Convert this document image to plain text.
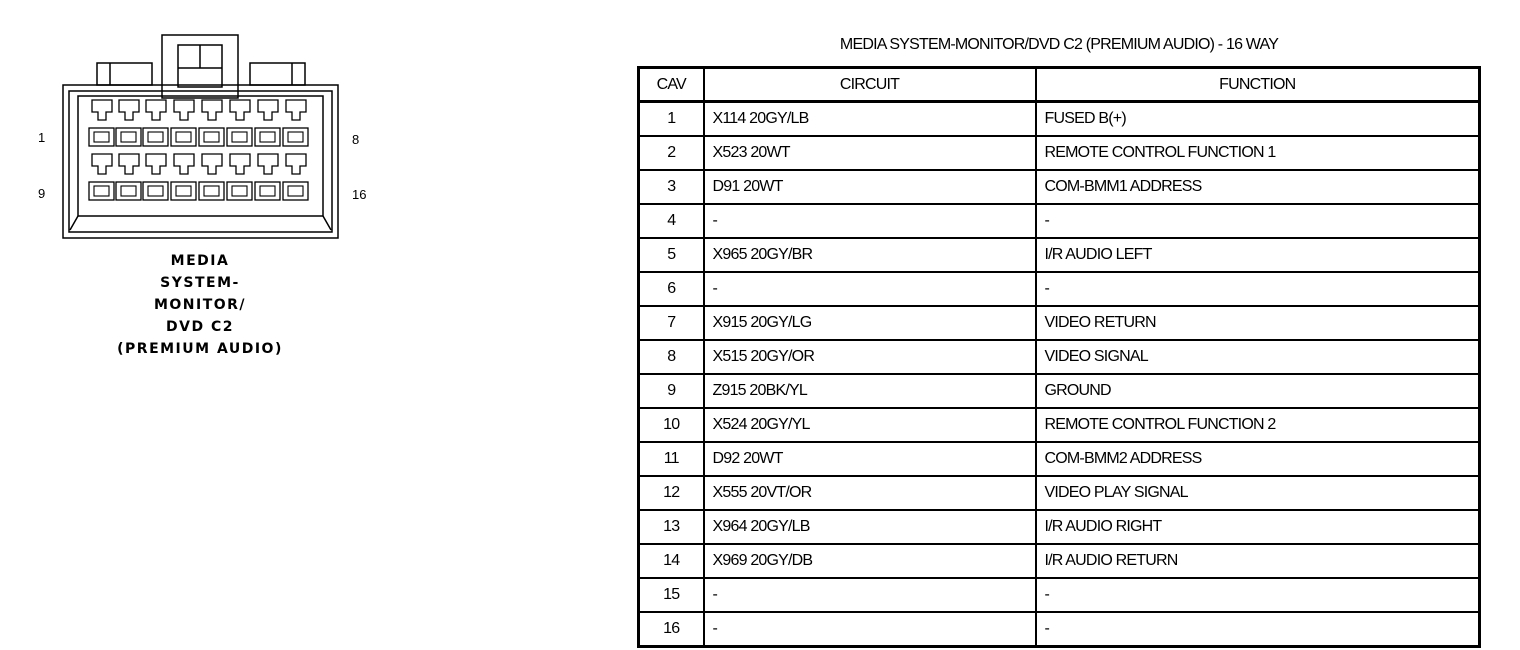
1	8
9	16
MEDIA
SYSTEM-
MONITOR/
DVD C2
(PREMIUM AUDIO)
MEDIA SYSTEM-MONITOR/DVD C2 (PREMIUM AUDIO) - 16 WAY
CAV	CIRCUIT	FUNCTION
1	X114 20GY/LB	FUSED B(+)
2	X523 20WT	REMOTE CONTROL FUNCTION 1
3	D91 20WT	COM-BMM1 ADDRESS
4	-	-
5	X965 20GY/BR	I/R AUDIO LEFT
6	-	-
7	X915 20GY/LG	VIDEO RETURN
8	X515 20GY/OR	VIDEO SIGNAL
9	Z915 20BK/YL	GROUND
10	X524 20GY/YL	REMOTE CONTROL FUNCTION 2
11	D92 20WT	COM-BMM2 ADDRESS
12	X555 20VT/OR	VIDEO PLAY SIGNAL
13	X964 20GY/LB	I/R AUDIO RIGHT
14	X969 20GY/DB	I/R AUDIO RETURN
15	-	-
16	-	-
